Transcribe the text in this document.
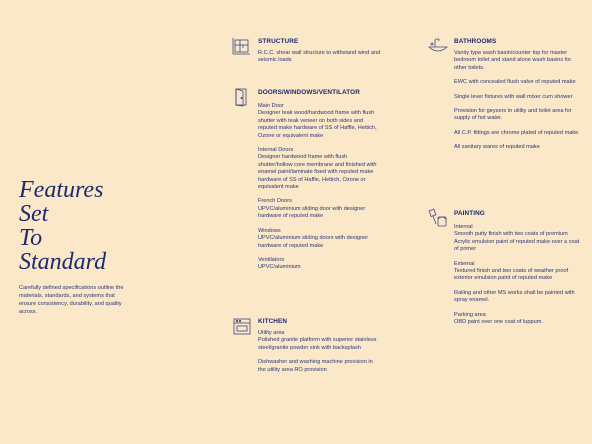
Features Set
To Standard

Carefully defined specifications outline the materials, standards, and systems that ensure consistency, durability, and quality across.

STRUCTURE
R.C.C. shear wall structure to withstand wind and seismic loads
DOORS/WINDOWS/VENTILATOR
Main Door
Designer teak wood/hardwood frame with flush shutter with teak veneer on both sides and reputed make hardware of SS of Haffle, Hettich, Ozone or equivalent make
Internal Doors
Designer hardwood frame with flush shutter/hollow core membrane and finished with enamel paint/laminate fixed with reputed make hardware of SS of Haffle, Hettich, Ozone or equivalent make
French Doors
UPVC/aluminium sliding door with designer hardware of reputed make
Windows
UPVC/aluminium sliding doors with designer hardware of reputed make
Ventilators
UPVC/aluminium
KITCHEN
Utility area
Polished granite platform with superior stainless steel/granite powder sink with backsplash
Dishwasher and washing machine provision in the utility area RO provision
BATHROOMS
Vanity type wash basin/counter top for master bedroom toilet and stand alone wash basins for other toilets.
EWC with concealed flush valve of reputed make
Single lever fixtures with wall mixer cum shower
Provision for geysers in utility and toilet area for supply of hot water.
All C.P. fittings are chrome plated of reputed make
All sanitary wares of reputed make
PAINTING
Internal
Smooth putty finish with two coats of premium Acrylic emulsion paint of reputed make over a coat of primer
External
Textured finish and two coats of weather proof exterior emulsion paint of reputed make
Railing and other MS works shall be painted with spray enamel.
Parking area
OBD paint over one coat of luppum.
